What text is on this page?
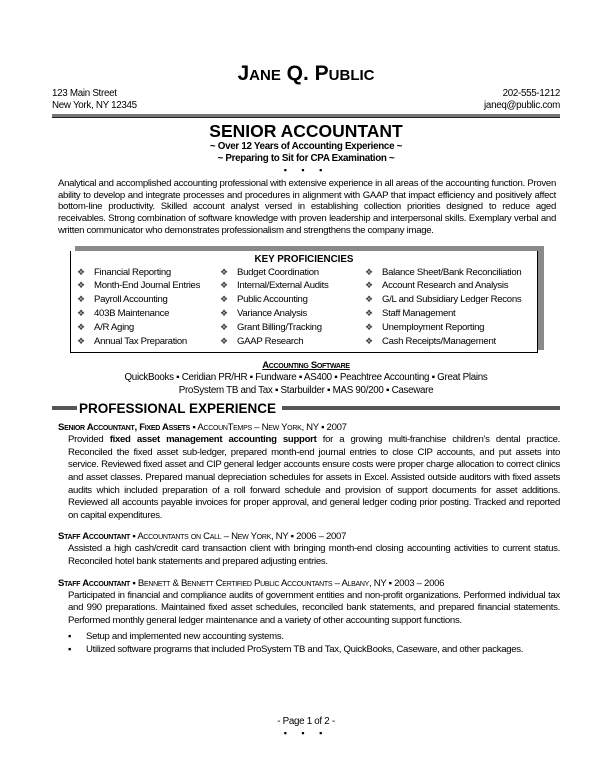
Jane Q. Public
123 Main Street
New York, NY 12345
202-555-1212
janeq@public.com
SENIOR ACCOUNTANT
~ Over 12 Years of Accounting Experience ~
~ Preparing to Sit for CPA Examination ~
▪ ▪ ▪

Analytical and accomplished accounting professional with extensive experience in all areas of the accounting function. Proven ability to develop and integrate processes and procedures in alignment with GAAP that impact efficiency and positively affect bottom-line productivity. Skilled account analyst versed in establishing collection priorities designed to reduce aged receivables. Strong combination of software knowledge with proven leadership and interpersonal skills. Exemplary verbal and written communicator who demonstrates professionalism and strengthens the company image.

KEY PROFICIENCIES
❖ Financial Reporting
❖ Month-End Journal Entries
❖ Payroll Accounting
❖ 403B Maintenance
❖ A/R Aging
❖ Annual Tax Preparation
❖ Budget Coordination
❖ Internal/External Audits
❖ Public Accounting
❖ Variance Analysis
❖ Grant Billing/Tracking
❖ GAAP Research
❖ Balance Sheet/Bank Reconciliation
❖ Account Research and Analysis
❖ G/L and Subsidiary Ledger Recons
❖ Staff Management
❖ Unemployment Reporting
❖ Cash Receipts/Management
Accounting Software
QuickBooks ▪ Ceridian PR/HR ▪ Fundware ▪ AS400 ▪ Peachtree Accounting ▪ Great Plains
ProSystem TB and Tax ▪ Starbuilder ▪ MAS 90/200 ▪ Caseware
PROFESSIONAL EXPERIENCE
Senior Accountant, Fixed Assets ▪ AccounTemps – New York, NY ▪ 2007
Provided fixed asset management accounting support for a growing multi-franchise children’s dental practice. Reconciled the fixed asset sub-ledger, prepared month-end journal entries to close CIP accounts, and put assets into service. Reviewed fixed asset and CIP general ledger accounts ensure costs were proper charge allocation to correct clinics and asset classes. Prepared manual depreciation schedules for assets in Excel. Assisted outside auditors with fixed assets audits which included preparation of a roll forward schedule and provision of support documents for asset additions. Reviewed all accounts payable invoices for proper approval, and general ledger coding prior posting. Tracked and reported on capital expenditures.
Staff Accountant ▪ Accountants on Call – New York, NY ▪ 2006 – 2007
Assisted a high cash/credit card transaction client with bringing month-end closing accounting activities to current status. Reconciled hotel bank statements and prepared adjusting entries.
Staff Accountant ▪ Bennett & Bennett Certified Public Accountants – Albany, NY ▪ 2003 – 2006
Participated in financial and compliance audits of government entities and non-profit organizations. Performed individual tax and 990 preparations. Maintained fixed asset schedules, reconciled bank statements, and prepared financial statements. Performed monthly general ledger maintenance and a variety of other accounting support functions.
▪	Setup and implemented new accounting systems.
▪	Utilized software programs that included ProSystem TB and Tax, QuickBooks, Caseware, and other packages.
- Page 1 of 2 -
▪ ▪ ▪
